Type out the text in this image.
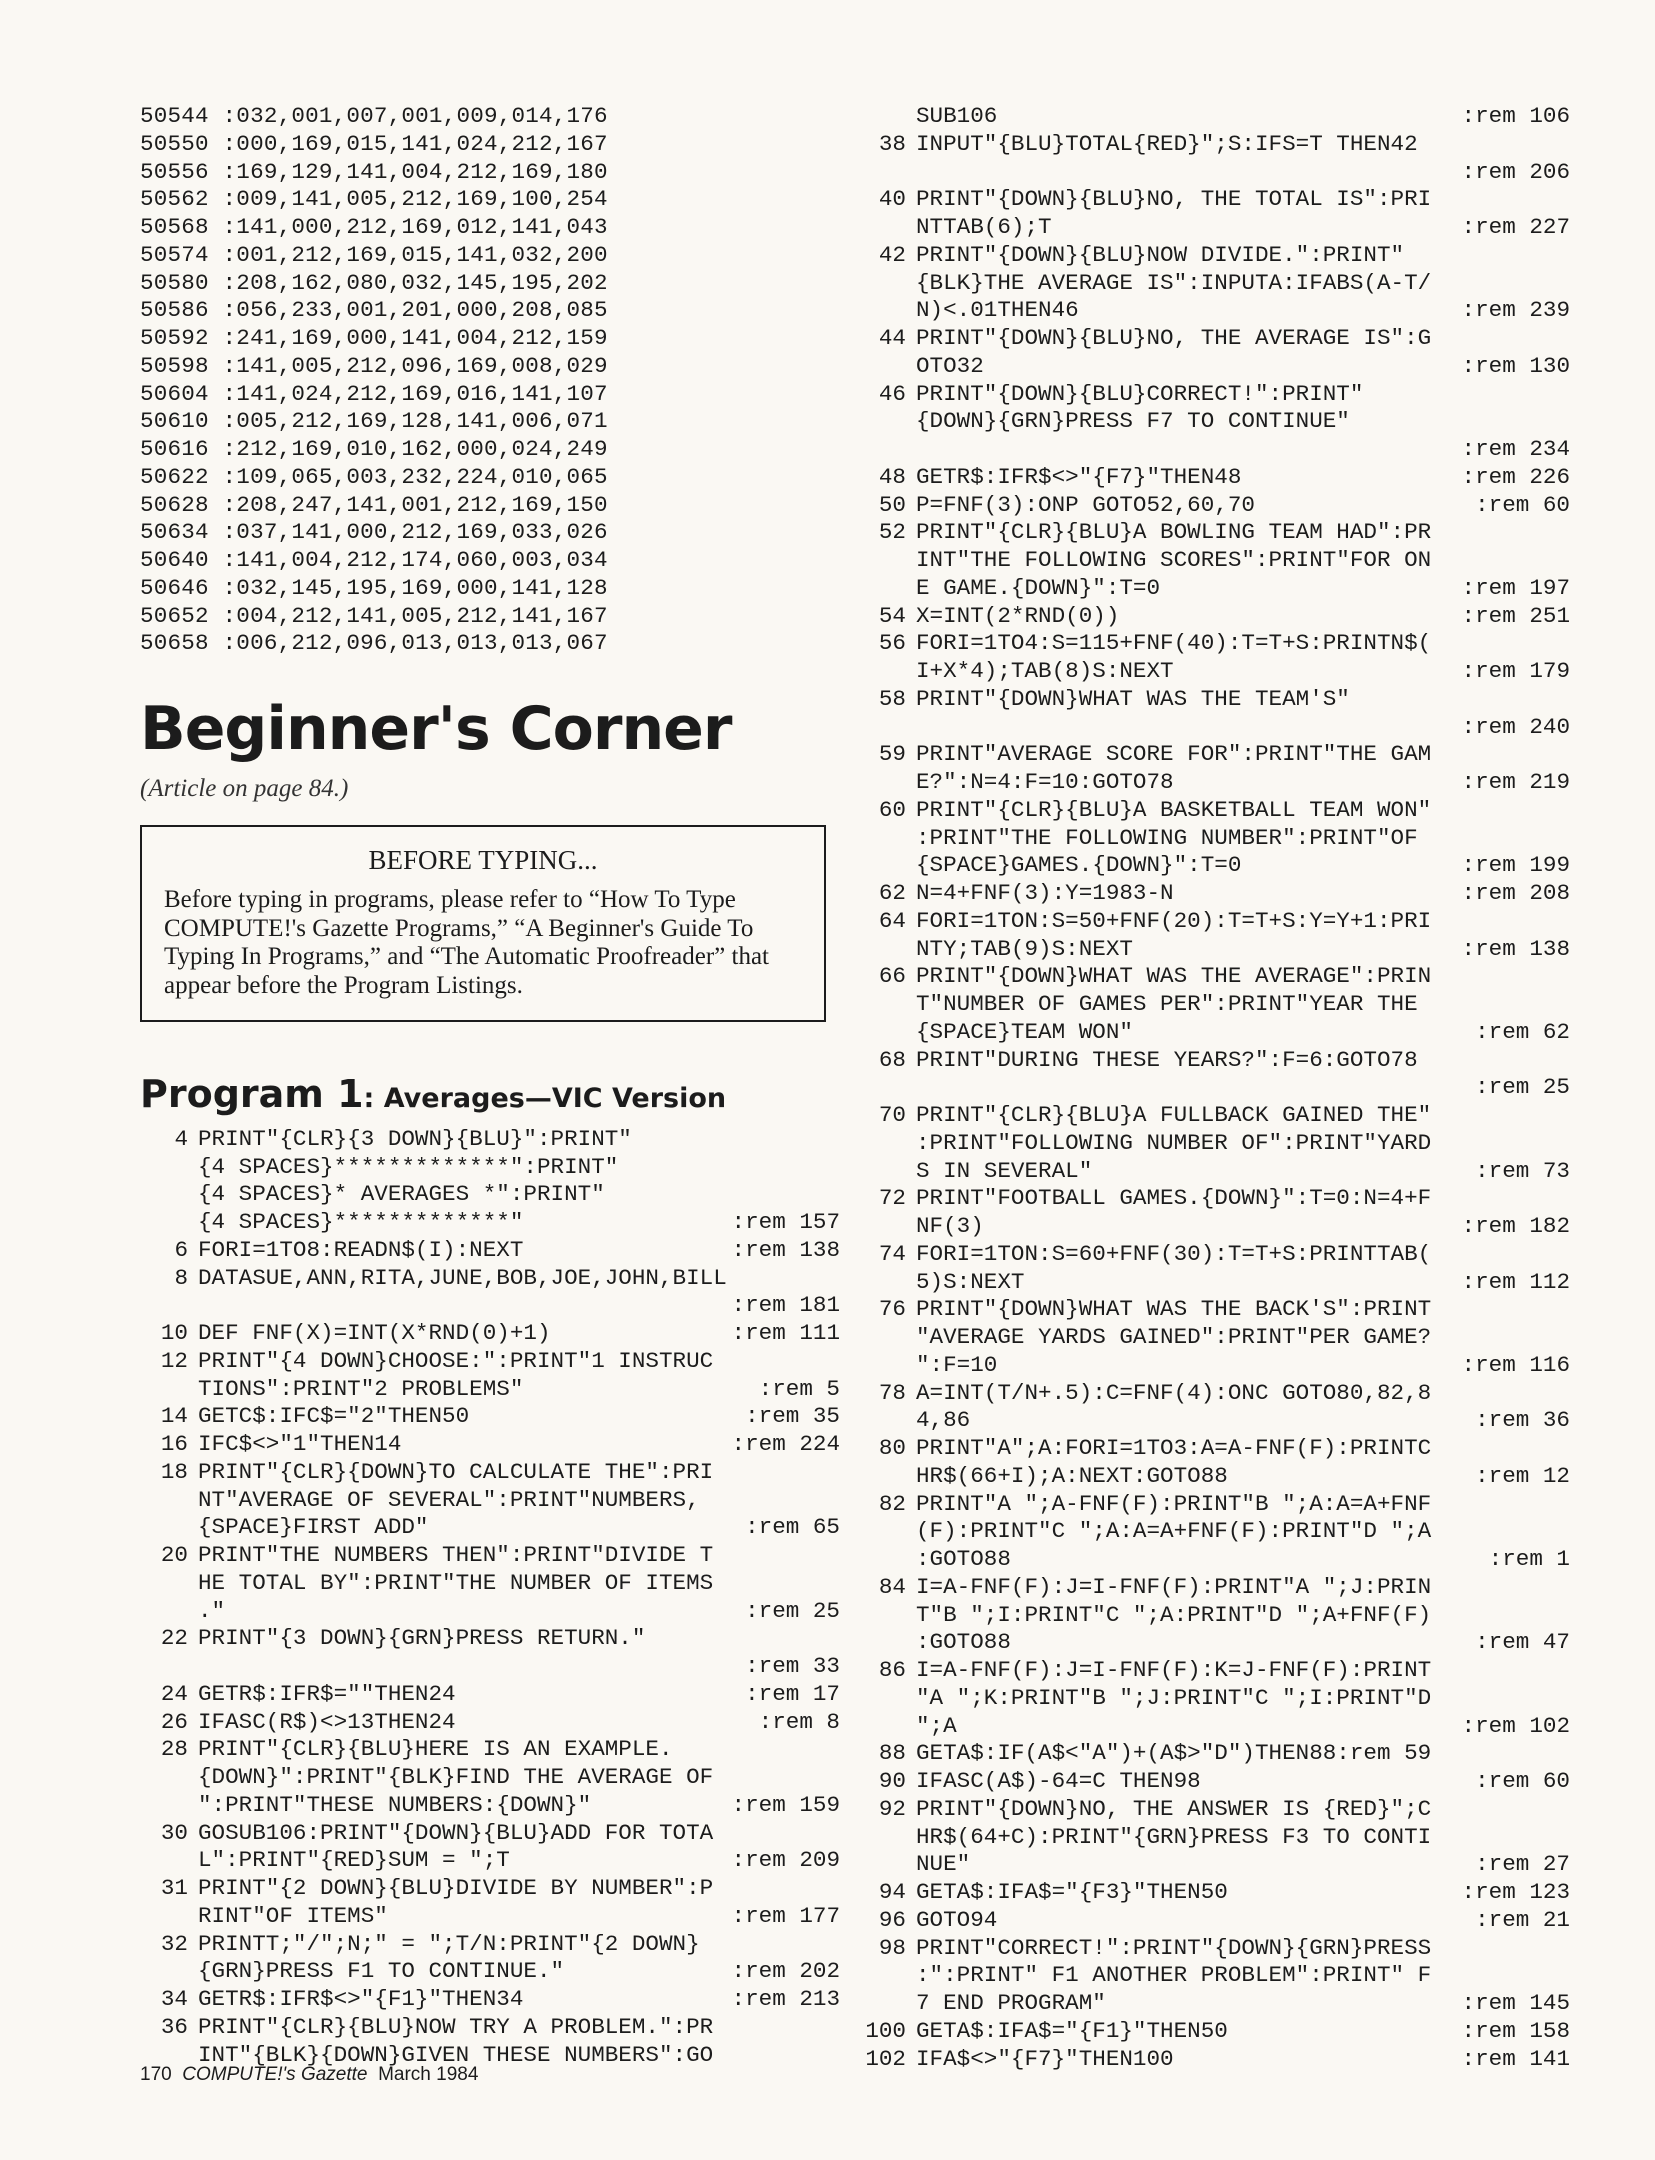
50544 :032,001,007,001,009,014,176
50550 :000,169,015,141,024,212,167
50556 :169,129,141,004,212,169,180
50562 :009,141,005,212,169,100,254
50568 :141,000,212,169,012,141,043
50574 :001,212,169,015,141,032,200
50580 :208,162,080,032,145,195,202
50586 :056,233,001,201,000,208,085
50592 :241,169,000,141,004,212,159
50598 :141,005,212,096,169,008,029
50604 :141,024,212,169,016,141,107
50610 :005,212,169,128,141,006,071
50616 :212,169,010,162,000,024,249
50622 :109,065,003,232,224,010,065
50628 :208,247,141,001,212,169,150
50634 :037,141,000,212,169,033,026
50640 :141,004,212,174,060,003,034
50646 :032,145,195,169,000,141,128
50652 :004,212,141,005,212,141,167
50658 :006,212,096,013,013,013,067
Beginner's Corner
(Article on page 84.)
BEFORE TYPING...
Before typing in programs, please refer to “How To Type COMPUTE!'s Gazette Programs,” “A Beginner's Guide To Typing In Programs,” and “The Automatic Proofreader” that appear before the Program Listings.
Program 1: Averages—VIC Version
4 PRINT"{CLR}{3 DOWN}{BLU}":PRINT"
{4 SPACES}*************":PRINT"
{4 SPACES}* AVERAGES *":PRINT"
{4 SPACES}*************"	:rem 157
6 FORI=1TO8:READN$(I):NEXT	:rem 138
8 DATASUE,ANN,RITA,JUNE,BOB,JOE,JOHN,BILL
:rem 181
10 DEF FNF(X)=INT(X*RND(0)+1)	:rem 111
12 PRINT"{4 DOWN}CHOOSE:":PRINT"1 INSTRUC
TIONS":PRINT"2 PROBLEMS"	:rem 5
14 GETC$:IFC$="2"THEN50	:rem 35
16 IFC$<>"1"THEN14	:rem 224
18 PRINT"{CLR}{DOWN}TO CALCULATE THE":PRI
NT"AVERAGE OF SEVERAL":PRINT"NUMBERS,
{SPACE}FIRST ADD"	:rem 65
20 PRINT"THE NUMBERS THEN":PRINT"DIVIDE T
HE TOTAL BY":PRINT"THE NUMBER OF ITEMS
."	:rem 25
22 PRINT"{3 DOWN}{GRN}PRESS RETURN."
:rem 33
24 GETR$:IFR$=""THEN24	:rem 17
26 IFASC(R$)<>13THEN24	:rem 8
28 PRINT"{CLR}{BLU}HERE IS AN EXAMPLE.
{DOWN}":PRINT"{BLK}FIND THE AVERAGE OF
":PRINT"THESE NUMBERS:{DOWN}"	:rem 159
30 GOSUB106:PRINT"{DOWN}{BLU}ADD FOR TOTA
L":PRINT"{RED}SUM = ";T	:rem 209
31 PRINT"{2 DOWN}{BLU}DIVIDE BY NUMBER":P
RINT"OF ITEMS"	:rem 177
32 PRINTT;"/";N;" = ";T/N:PRINT"{2 DOWN}
{GRN}PRESS F1 TO CONTINUE."	:rem 202
34 GETR$:IFR$<>"{F1}"THEN34	:rem 213
36 PRINT"{CLR}{BLU}NOW TRY A PROBLEM.":PR
INT"{BLK}{DOWN}GIVEN THESE NUMBERS":GO
SUB106	:rem 106
38 INPUT"{BLU}TOTAL{RED}";S:IFS=T THEN42
:rem 206
40 PRINT"{DOWN}{BLU}NO, THE TOTAL IS":PRI
NTTAB(6);T	:rem 227
42 PRINT"{DOWN}{BLU}NOW DIVIDE.":PRINT"
{BLK}THE AVERAGE IS":INPUTA:IFABS(A-T/
N)<.01THEN46	:rem 239
44 PRINT"{DOWN}{BLU}NO, THE AVERAGE IS":G
OTO32	:rem 130
46 PRINT"{DOWN}{BLU}CORRECT!":PRINT"
{DOWN}{GRN}PRESS F7 TO CONTINUE"
:rem 234
48 GETR$:IFR$<>"{F7}"THEN48	:rem 226
50 P=FNF(3):ONP GOTO52,60,70	:rem 60
52 PRINT"{CLR}{BLU}A BOWLING TEAM HAD":PR
INT"THE FOLLOWING SCORES":PRINT"FOR ON
E GAME.{DOWN}":T=0	:rem 197
54 X=INT(2*RND(0))	:rem 251
56 FORI=1TO4:S=115+FNF(40):T=T+S:PRINTN$(
I+X*4);TAB(8)S:NEXT	:rem 179
58 PRINT"{DOWN}WHAT WAS THE TEAM'S"
:rem 240
59 PRINT"AVERAGE SCORE FOR":PRINT"THE GAM
E?":N=4:F=10:GOTO78	:rem 219
60 PRINT"{CLR}{BLU}A BASKETBALL TEAM WON"
:PRINT"THE FOLLOWING NUMBER":PRINT"OF
{SPACE}GAMES.{DOWN}":T=0	:rem 199
62 N=4+FNF(3):Y=1983-N	:rem 208
64 FORI=1TON:S=50+FNF(20):T=T+S:Y=Y+1:PRI
NTY;TAB(9)S:NEXT	:rem 138
66 PRINT"{DOWN}WHAT WAS THE AVERAGE":PRIN
T"NUMBER OF GAMES PER":PRINT"YEAR THE
{SPACE}TEAM WON"	:rem 62
68 PRINT"DURING THESE YEARS?":F=6:GOTO78
:rem 25
70 PRINT"{CLR}{BLU}A FULLBACK GAINED THE"
:PRINT"FOLLOWING NUMBER OF":PRINT"YARD
S IN SEVERAL"	:rem 73
72 PRINT"FOOTBALL GAMES.{DOWN}":T=0:N=4+F
NF(3)	:rem 182
74 FORI=1TON:S=60+FNF(30):T=T+S:PRINTTAB(
5)S:NEXT	:rem 112
76 PRINT"{DOWN}WHAT WAS THE BACK'S":PRINT
"AVERAGE YARDS GAINED":PRINT"PER GAME?
":F=10	:rem 116
78 A=INT(T/N+.5):C=FNF(4):ONC GOTO80,82,8
4,86	:rem 36
80 PRINT"A";A:FORI=1TO3:A=A-FNF(F):PRINTC
HR$(66+I);A:NEXT:GOTO88	:rem 12
82 PRINT"A ";A-FNF(F):PRINT"B ";A:A=A+FNF
(F):PRINT"C ";A:A=A+FNF(F):PRINT"D ";A
:GOTO88	:rem 1
84 I=A-FNF(F):J=I-FNF(F):PRINT"A ";J:PRIN
T"B ";I:PRINT"C ";A:PRINT"D ";A+FNF(F)
:GOTO88	:rem 47
86 I=A-FNF(F):J=I-FNF(F):K=J-FNF(F):PRINT
"A ";K:PRINT"B ";J:PRINT"C ";I:PRINT"D
";A	:rem 102
88 GETA$:IF(A$<"A")+(A$>"D")THEN88:rem 59
90 IFASC(A$)-64=C THEN98	:rem 60
92 PRINT"{DOWN}NO, THE ANSWER IS {RED}";C
HR$(64+C):PRINT"{GRN}PRESS F3 TO CONTI
NUE"	:rem 27
94 GETA$:IFA$="{F3}"THEN50	:rem 123
96 GOTO94	:rem 21
98 PRINT"CORRECT!":PRINT"{DOWN}{GRN}PRESS
:":PRINT" F1 ANOTHER PROBLEM":PRINT" F
7 END PROGRAM"	:rem 145
100 GETA$:IFA$="{F1}"THEN50	:rem 158
102 IFA$<>"{F7}"THEN100	:rem 141
170 COMPUTE!'s Gazette March 1984
